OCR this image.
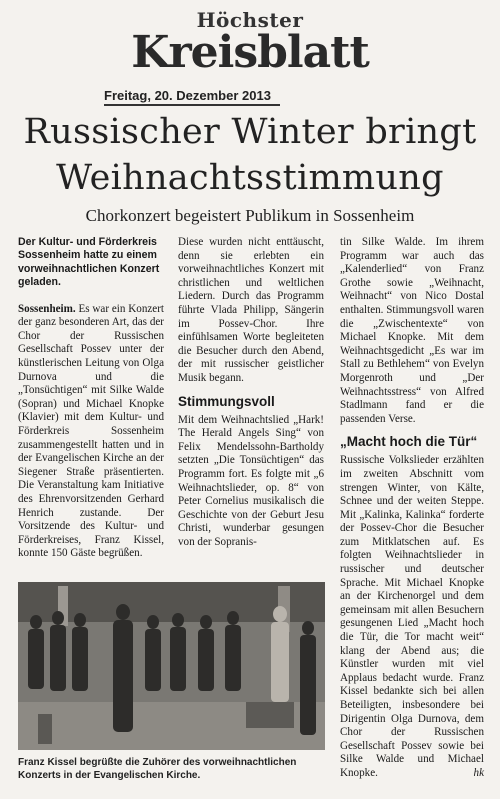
Höchster
Kreisblatt
Freitag, 20. Dezember 2013
Russischer Winter bringt
Weihnachtsstimmung
Chorkonzert begeistert Publikum in Sossenheim

Der Kultur- und Förderkreis Sossenheim hatte zu einem vorweihnachtlichen Konzert geladen.

Sossenheim. Es war ein Konzert der ganz besonderen Art, das der Chor der Russischen Gesellschaft Possev unter der künstlerischen Leitung von Olga Durnova und die „Tonsüchtigen“ mit Silke Walde (Sopran) und Michael Knopke (Klavier) mit dem Kultur- und Förderkreis Sossenheim zusammengestellt hatten und in der Evangelischen Kirche an der Siegener Straße präsentierten. Die Veranstaltung kam Initiative des Ehrenvorsitzenden Gerhard Henrich zustande. Der Vorsitzende des Kultur- und Förderkreises, Franz Kissel, konnte 150 Gäste begrüßen.

Diese wurden nicht enttäuscht, denn sie erlebten ein vorweihnachtliches Konzert mit christlichen und weltlichen Liedern. Durch das Programm führte Vlada Philipp, Sängerin im Possev-Chor. Ihre einfühlsamen Worte begleiteten die Besucher durch den Abend, der mit russischer geistlicher Musik begann.

Stimmungsvoll

Mit dem Weihnachtslied „Hark! The Herald Angels Sing“ von Felix Mendelssohn-Bartholdy setzten „Die Tonsüchtigen“ das Programm fort. Es folgte mit „6 Weihnachtslieder, op. 8“ von Peter Cornelius musikalisch die Geschichte von der Geburt Jesu Christi, wunderbar gesungen von der Sopranis-

tin Silke Walde. Im ihrem Programm war auch das „Kalenderlied“ von Franz Grothe sowie „Weihnacht, Weihnacht“ von Nico Dostal enthalten. Stimmungsvoll waren die „Zwischentexte“ von Michael Knopke. Mit dem Weihnachtsgedicht „Es war im Stall zu Bethlehem“ von Evelyn Morgenroth und „Der Weihnachtsstress“ von Alfred Stadlmann fand er die passenden Verse.

„Macht hoch die Tür“

Russische Volkslieder erzählten im zweiten Abschnitt vom strengen Winter, von Kälte, Schnee und der weiten Steppe. Mit „Kalinka, Kalinka“ forderte der Possev-Chor die Besucher zum Mitklatschen auf. Es folgten Weihnachtslieder in russischer und deutscher Sprache. Mit Michael Knopke an der Kirchenorgel und dem gemeinsam mit allen Besuchern gesungenen Lied „Macht hoch die Tür, die Tor macht weit“ klang der Abend aus; die Künstler wurden mit viel Applaus bedacht wurde. Franz Kissel bedankte sich bei allen Beteiligten, insbesondere bei Dirigentin Olga Durnova, dem Chor der Russischen Gesellschaft Possev sowie bei Silke Walde und Michael Knopke.	hk

Franz Kissel begrüßte die Zuhörer des vorweihnachtlichen Konzerts in der Evangelischen Kirche.
